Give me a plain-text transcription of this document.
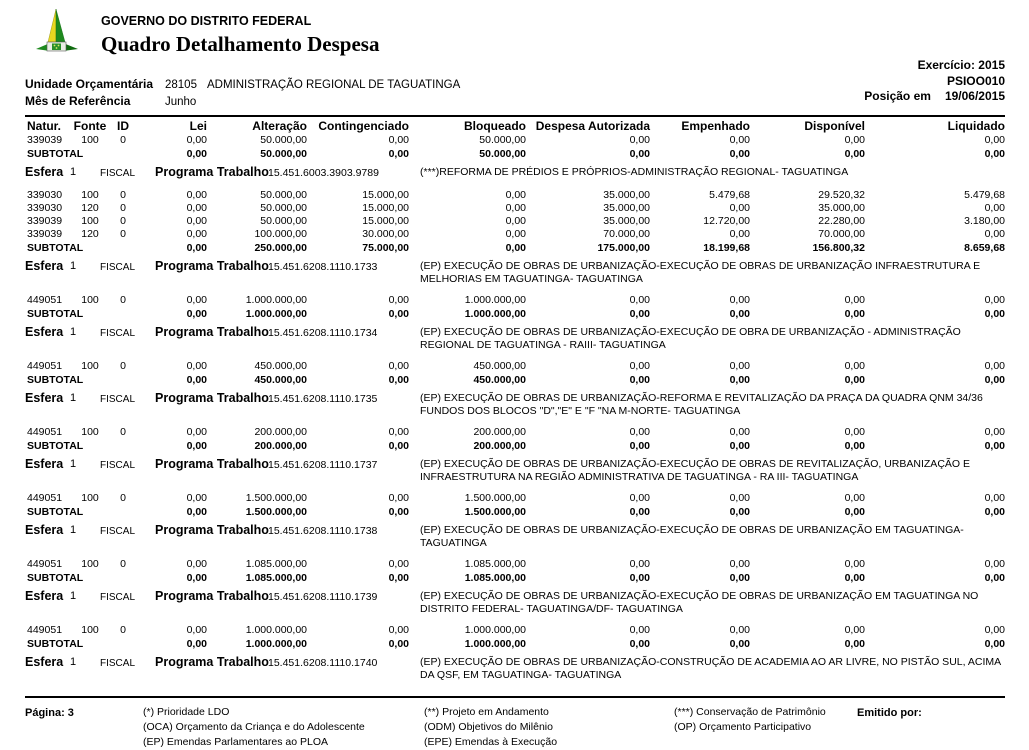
GOVERNO DO DISTRITO FEDERAL
Quadro Detalhamento Despesa
Exercício: 2015
PSIOO010
Posição em 19/06/2015
Unidade Orçamentária 28105 ADMINISTRAÇÃO REGIONAL DE TAGUATINGA
Mês de Referência	Junho
Natur.	Fonte	ID	Lei	Alteração	Contingenciado	Bloqueado	Despesa Autorizada	Empenhado	Disponível	Liquidado
339039	100	0	0,00	50.000,00	0,00	50.000,00	0,00	0,00	0,00	0,00
SUBTOTAL			0,00	50.000,00	0,00	50.000,00	0,00	0,00	0,00	0,00

Esfera 1	FISCAL	Programa Trabalho 15.451.6003.3903.9789	(***)REFORMA DE PRÉDIOS E PRÓPRIOS-ADMINISTRAÇÃO REGIONAL- TAGUATINGA

339030	100	0	0,00	50.000,00	15.000,00	0,00	35.000,00	5.479,68	29.520,32	5.479,68
339030	120	0	0,00	50.000,00	15.000,00	0,00	35.000,00	0,00	35.000,00	0,00
339039	100	0	0,00	50.000,00	15.000,00	0,00	35.000,00	12.720,00	22.280,00	3.180,00
339039	120	0	0,00	100.000,00	30.000,00	0,00	70.000,00	0,00	70.000,00	0,00
SUBTOTAL			0,00	250.000,00	75.000,00	0,00	175.000,00	18.199,68	156.800,32	8.659,68

Esfera 1	FISCAL	Programa Trabalho 15.451.6208.1110.1733	(EP) EXECUÇÃO DE OBRAS DE URBANIZAÇÃO-EXECUÇÃO DE OBRAS DE URBANIZAÇÃO INFRAESTRUTURA E MELHORIAS EM TAGUATINGA- TAGUATINGA

449051	100	0	0,00	1.000.000,00	0,00	1.000.000,00	0,00	0,00	0,00	0,00
SUBTOTAL			0,00	1.000.000,00	0,00	1.000.000,00	0,00	0,00	0,00	0,00

Esfera 1	FISCAL	Programa Trabalho 15.451.6208.1110.1734	(EP) EXECUÇÃO DE OBRAS DE URBANIZAÇÃO-EXECUÇÃO DE OBRA DE URBANIZAÇÃO - ADMINISTRAÇÃO REGIONAL DE TAGUATINGA - RAIII- TAGUATINGA

449051	100	0	0,00	450.000,00	0,00	450.000,00	0,00	0,00	0,00	0,00
SUBTOTAL			0,00	450.000,00	0,00	450.000,00	0,00	0,00	0,00	0,00

Esfera 1	FISCAL	Programa Trabalho 15.451.6208.1110.1735	(EP) EXECUÇÃO DE OBRAS DE URBANIZAÇÃO-REFORMA E REVITALIZAÇÃO DA PRAÇA DA QUADRA QNM 34/36 FUNDOS DOS BLOCOS "D","E" E "F "NA M-NORTE- TAGUATINGA

449051	100	0	0,00	200.000,00	0,00	200.000,00	0,00	0,00	0,00	0,00
SUBTOTAL			0,00	200.000,00	0,00	200.000,00	0,00	0,00	0,00	0,00

Esfera 1	FISCAL	Programa Trabalho 15.451.6208.1110.1737	(EP) EXECUÇÃO DE OBRAS DE URBANIZAÇÃO-EXECUÇÃO DE OBRAS DE REVITALIZAÇÃO, URBANIZAÇÃO E INFRAESTRUTURA NA REGIÃO ADMINISTRATIVA DE TAGUATINGA - RA III- TAGUATINGA

449051	100	0	0,00	1.500.000,00	0,00	1.500.000,00	0,00	0,00	0,00	0,00
SUBTOTAL			0,00	1.500.000,00	0,00	1.500.000,00	0,00	0,00	0,00	0,00

Esfera 1	FISCAL	Programa Trabalho 15.451.6208.1110.1738	(EP) EXECUÇÃO DE OBRAS DE URBANIZAÇÃO-EXECUÇÃO DE OBRAS DE URBANIZAÇÃO EM TAGUATINGA- TAGUATINGA

449051	100	0	0,00	1.085.000,00	0,00	1.085.000,00	0,00	0,00	0,00	0,00
SUBTOTAL			0,00	1.085.000,00	0,00	1.085.000,00	0,00	0,00	0,00	0,00

Esfera 1	FISCAL	Programa Trabalho 15.451.6208.1110.1739	(EP) EXECUÇÃO DE OBRAS DE URBANIZAÇÃO-EXECUÇÃO DE OBRAS DE URBANIZAÇÃO EM TAGUATINGA NO DISTRITO FEDERAL- TAGUATINGA/DF- TAGUATINGA

449051	100	0	0,00	1.000.000,00	0,00	1.000.000,00	0,00	0,00	0,00	0,00
SUBTOTAL			0,00	1.000.000,00	0,00	1.000.000,00	0,00	0,00	0,00	0,00

Esfera 1	FISCAL	Programa Trabalho 15.451.6208.1110.1740	(EP) EXECUÇÃO DE OBRAS DE URBANIZAÇÃO-CONSTRUÇÃO DE ACADEMIA AO AR LIVRE, NO PISTÃO SUL, ACIMA DA QSF, EM TAGUATINGA- TAGUATINGA
Página: 3	(*) Prioridade LDO
(OCA) Orçamento da Criança e do Adolescente
(EP) Emendas Parlamentares ao PLOA
(**) Projeto em Andamento
(ODM) Objetivos do Milênio
(EPE) Emendas à Execução
(***) Conservação de Patrimônio
(OP) Orçamento Participativo
Emitido por:
